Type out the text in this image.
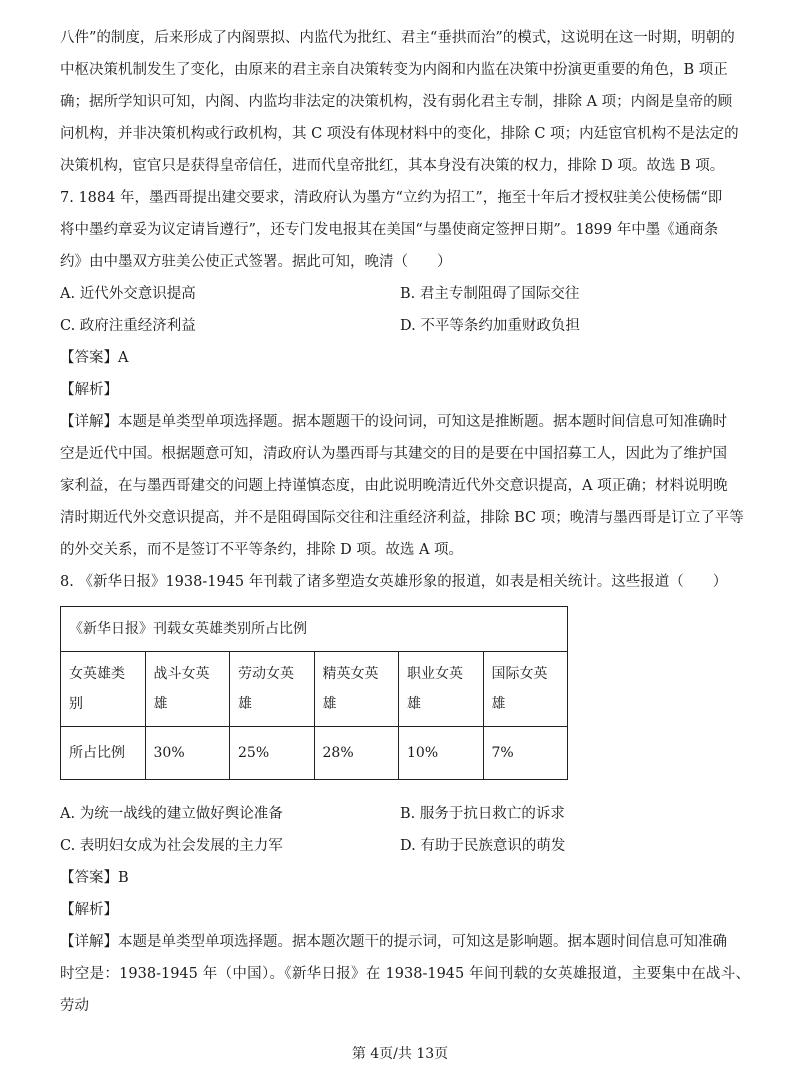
八件”的制度，后来形成了内阁票拟、内监代为批红、君主“垂拱而治”的模式，这说明在这一时期，明朝的

中枢决策机制发生了变化，由原来的君主亲自决策转变为内阁和内监在决策中扮演更重要的角色，B 项正

确；据所学知识可知，内阁、内监均非法定的决策机构，没有弱化君主专制，排除 A 项；内阁是皇帝的顾

问机构，并非决策机构或行政机构，其 C 项没有体现材料中的变化，排除 C 项；内廷宦官机构不是法定的

决策机构，宦官只是获得皇帝信任，进而代皇帝批红，其本身没有决策的权力，排除 D 项。故选 B 项。

7. 1884 年，墨西哥提出建交要求，清政府认为墨方“立约为招工”，拖至十年后才授权驻美公使杨儒“即

将中墨约章妥为议定请旨遵行”，还专门发电报其在美国“与墨使商定签押日期”。1899 年中墨《通商条

约》由中墨双方驻美公使正式签署。据此可知，晚清（　　）

A. 近代外交意识提高	B. 君主专制阻碍了国际交往
C. 政府注重经济利益	D. 不平等条约加重财政负担

【答案】A

【解析】

【详解】本题是单类型单项选择题。据本题题干的设问词，可知这是推断题。据本题时间信息可知准确时

空是近代中国。根据题意可知，清政府认为墨西哥与其建交的目的是要在中国招募工人，因此为了维护国

家利益，在与墨西哥建交的问题上持谨慎态度，由此说明晚清近代外交意识提高，A 项正确；材料说明晚

清时期近代外交意识提高，并不是阻碍国际交往和注重经济利益，排除 BC 项；晚清与墨西哥是订立了平等

的外交关系，而不是签订不平等条约，排除 D 项。故选 A 项。

8. 《新华日报》1938-1945 年刊载了诸多塑造女英雄形象的报道，如表是相关统计。这些报道（　　）

《新华日报》刊载女英雄类别所占比例					
女英雄类别	战斗女英雄	劳动女英雄	精英女英雄	职业女英雄	国际女英雄
所占比例	30%	25%	28%	10%	7%
A. 为统一战线的建立做好舆论准备	B. 服务于抗日救亡的诉求
C. 表明妇女成为社会发展的主力军	D. 有助于民族意识的萌发

【答案】B

【解析】

【详解】本题是单类型单项选择题。据本题次题干的提示词，可知这是影响题。据本题时间信息可知准确

时空是：1938-1945 年（中国）。《新华日报》在 1938-1945 年间刊载的女英雄报道，主要集中在战斗、劳动

第 4页/共 13页
